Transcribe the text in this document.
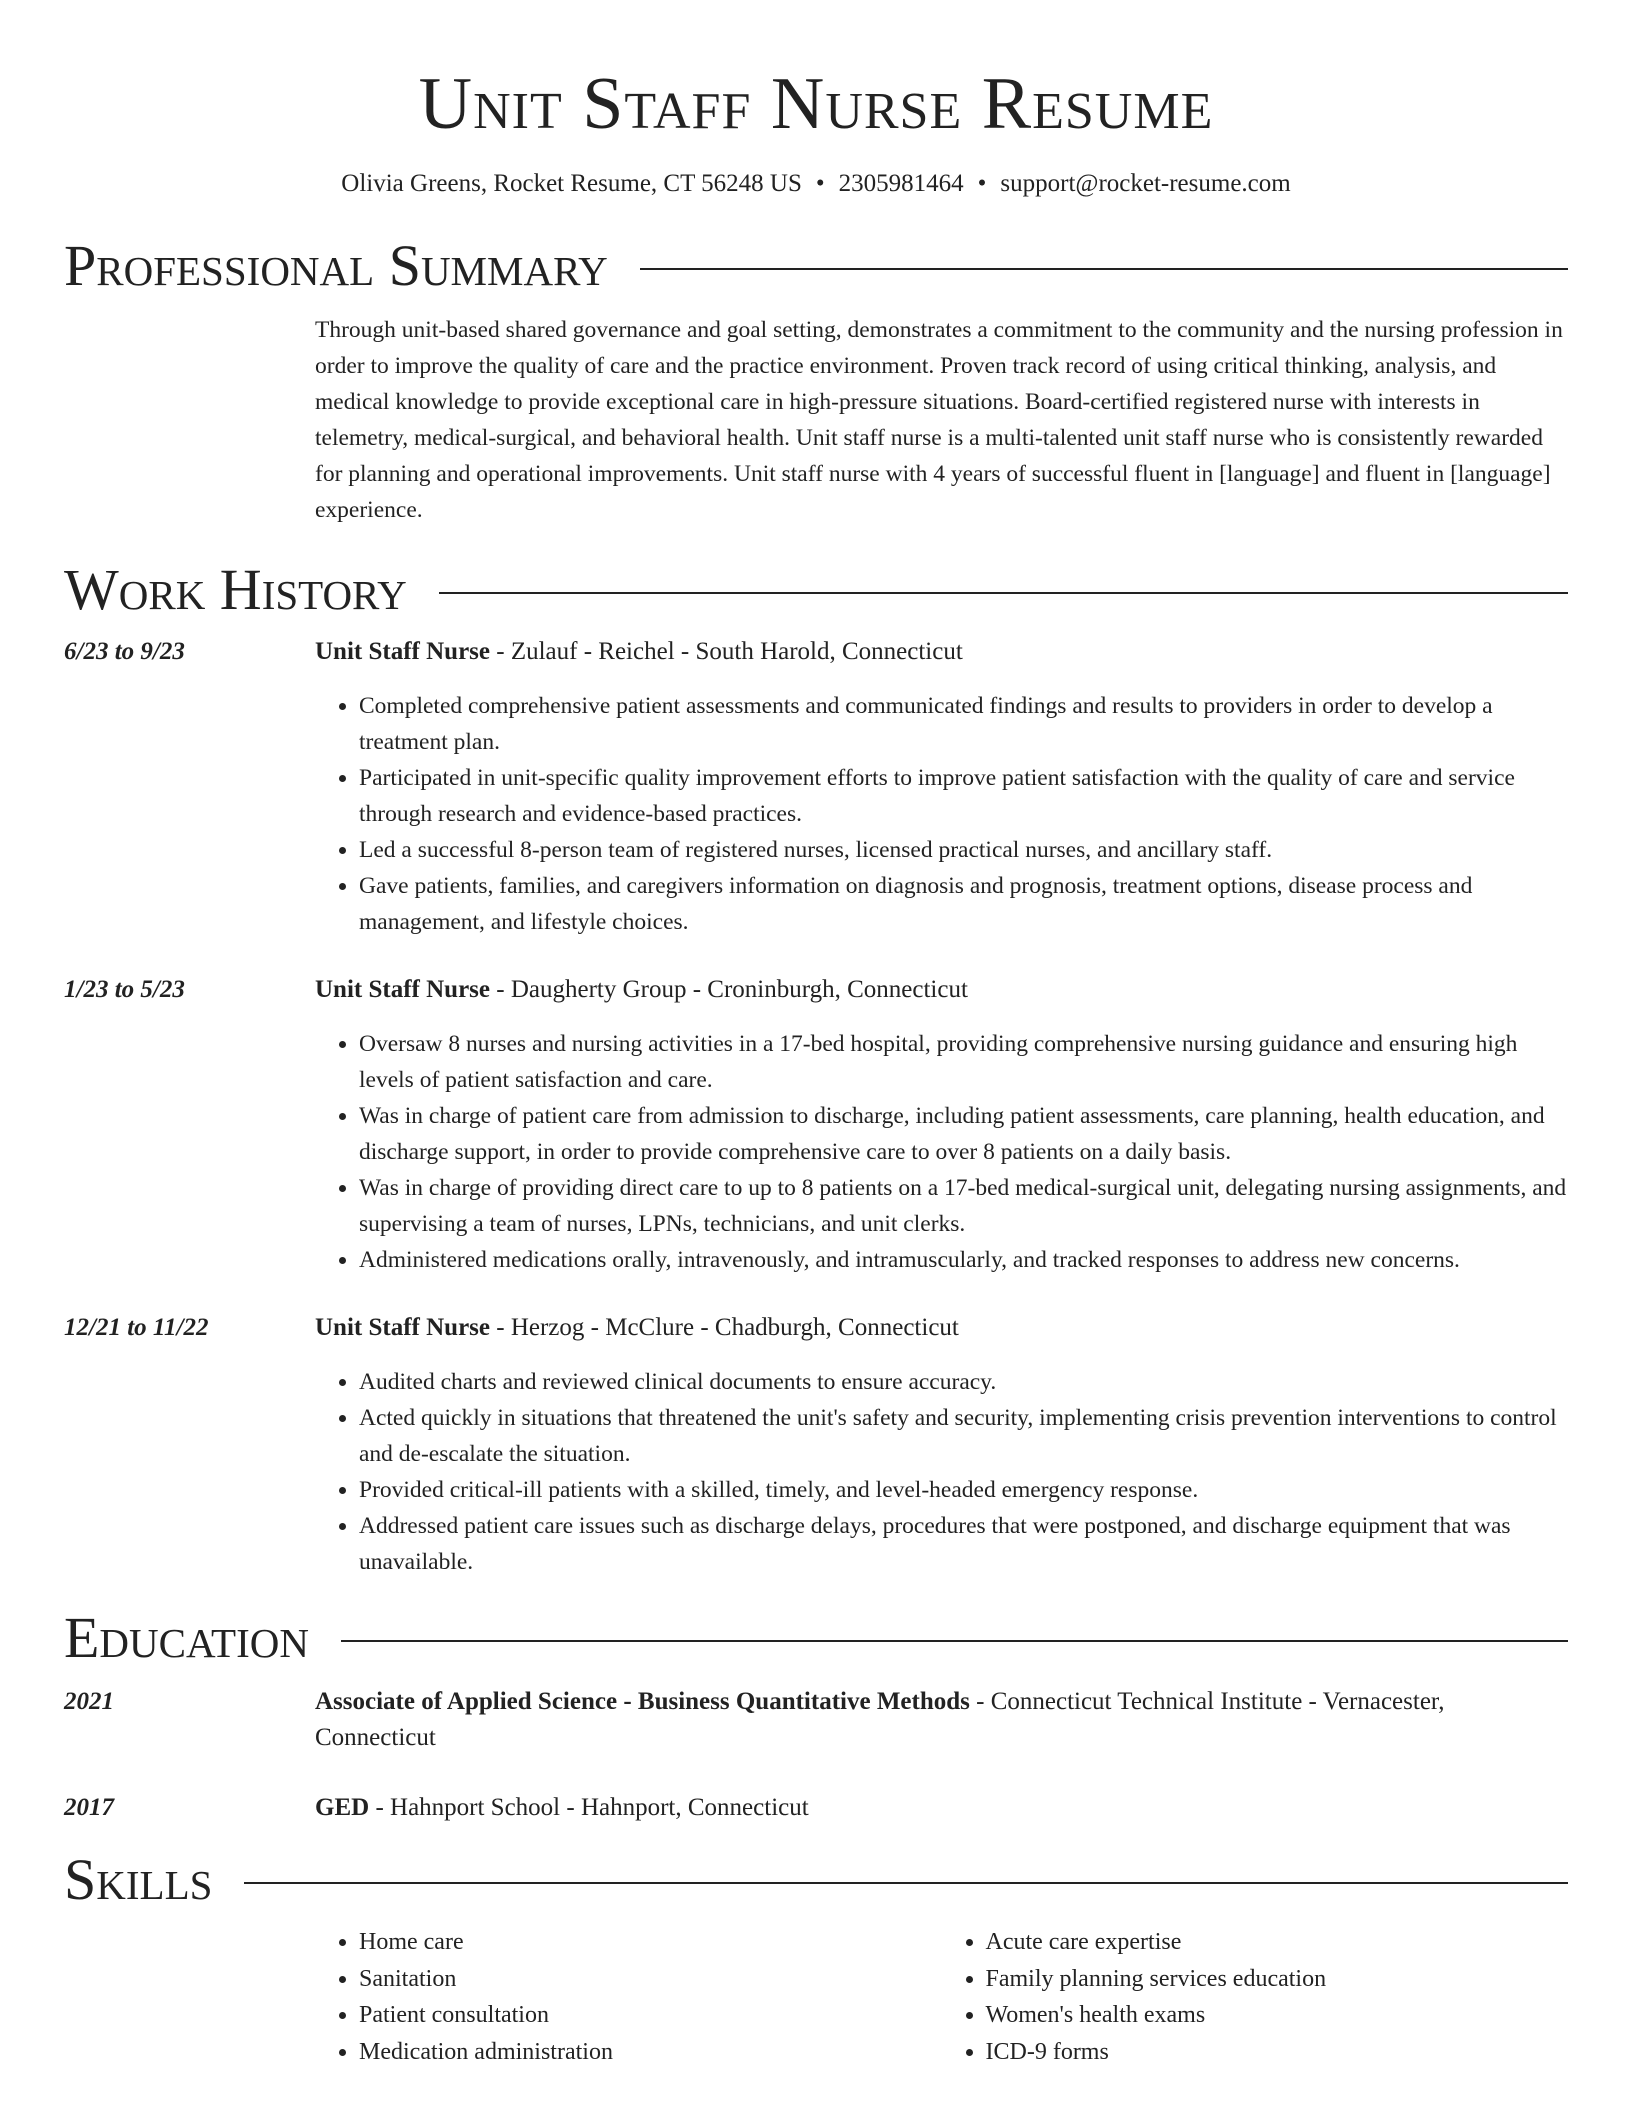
Unit Staff Nurse Resume
Olivia Greens, Rocket Resume, CT 56248 US • 2305981464 • support@rocket-resume.com
Professional Summary
Through unit-based shared governance and goal setting, demonstrates a commitment to the community and the nursing profession in order to improve the quality of care and the practice environment. Proven track record of using critical thinking, analysis, and medical knowledge to provide exceptional care in high-pressure situations. Board-certified registered nurse with interests in telemetry, medical-surgical, and behavioral health. Unit staff nurse is a multi-talented unit staff nurse who is consistently rewarded for planning and operational improvements. Unit staff nurse with 4 years of successful fluent in [language] and fluent in [language] experience.
Work History
6/23 to 9/23	Unit Staff Nurse - Zulauf - Reichel - South Harold, Connecticut
• Completed comprehensive patient assessments and communicated findings and results to providers in order to develop a treatment plan.
• Participated in unit-specific quality improvement efforts to improve patient satisfaction with the quality of care and service through research and evidence-based practices.
• Led a successful 8-person team of registered nurses, licensed practical nurses, and ancillary staff.
• Gave patients, families, and caregivers information on diagnosis and prognosis, treatment options, disease process and management, and lifestyle choices.
1/23 to 5/23	Unit Staff Nurse - Daugherty Group - Croninburgh, Connecticut
• Oversaw 8 nurses and nursing activities in a 17-bed hospital, providing comprehensive nursing guidance and ensuring high levels of patient satisfaction and care.
• Was in charge of patient care from admission to discharge, including patient assessments, care planning, health education, and discharge support, in order to provide comprehensive care to over 8 patients on a daily basis.
• Was in charge of providing direct care to up to 8 patients on a 17-bed medical-surgical unit, delegating nursing assignments, and supervising a team of nurses, LPNs, technicians, and unit clerks.
• Administered medications orally, intravenously, and intramuscularly, and tracked responses to address new concerns.
12/21 to 11/22	Unit Staff Nurse - Herzog - McClure - Chadburgh, Connecticut
• Audited charts and reviewed clinical documents to ensure accuracy.
• Acted quickly in situations that threatened the unit's safety and security, implementing crisis prevention interventions to control and de-escalate the situation.
• Provided critical-ill patients with a skilled, timely, and level-headed emergency response.
• Addressed patient care issues such as discharge delays, procedures that were postponed, and discharge equipment that was unavailable.
Education
2021	Associate of Applied Science - Business Quantitative Methods - Connecticut Technical Institute - Vernacester, Connecticut
2017	GED - Hahnport School - Hahnport, Connecticut
Skills
• Home care
• Sanitation
• Patient consultation
• Medication administration
• Acute care expertise
• Family planning services education
• Women's health exams
• ICD-9 forms
